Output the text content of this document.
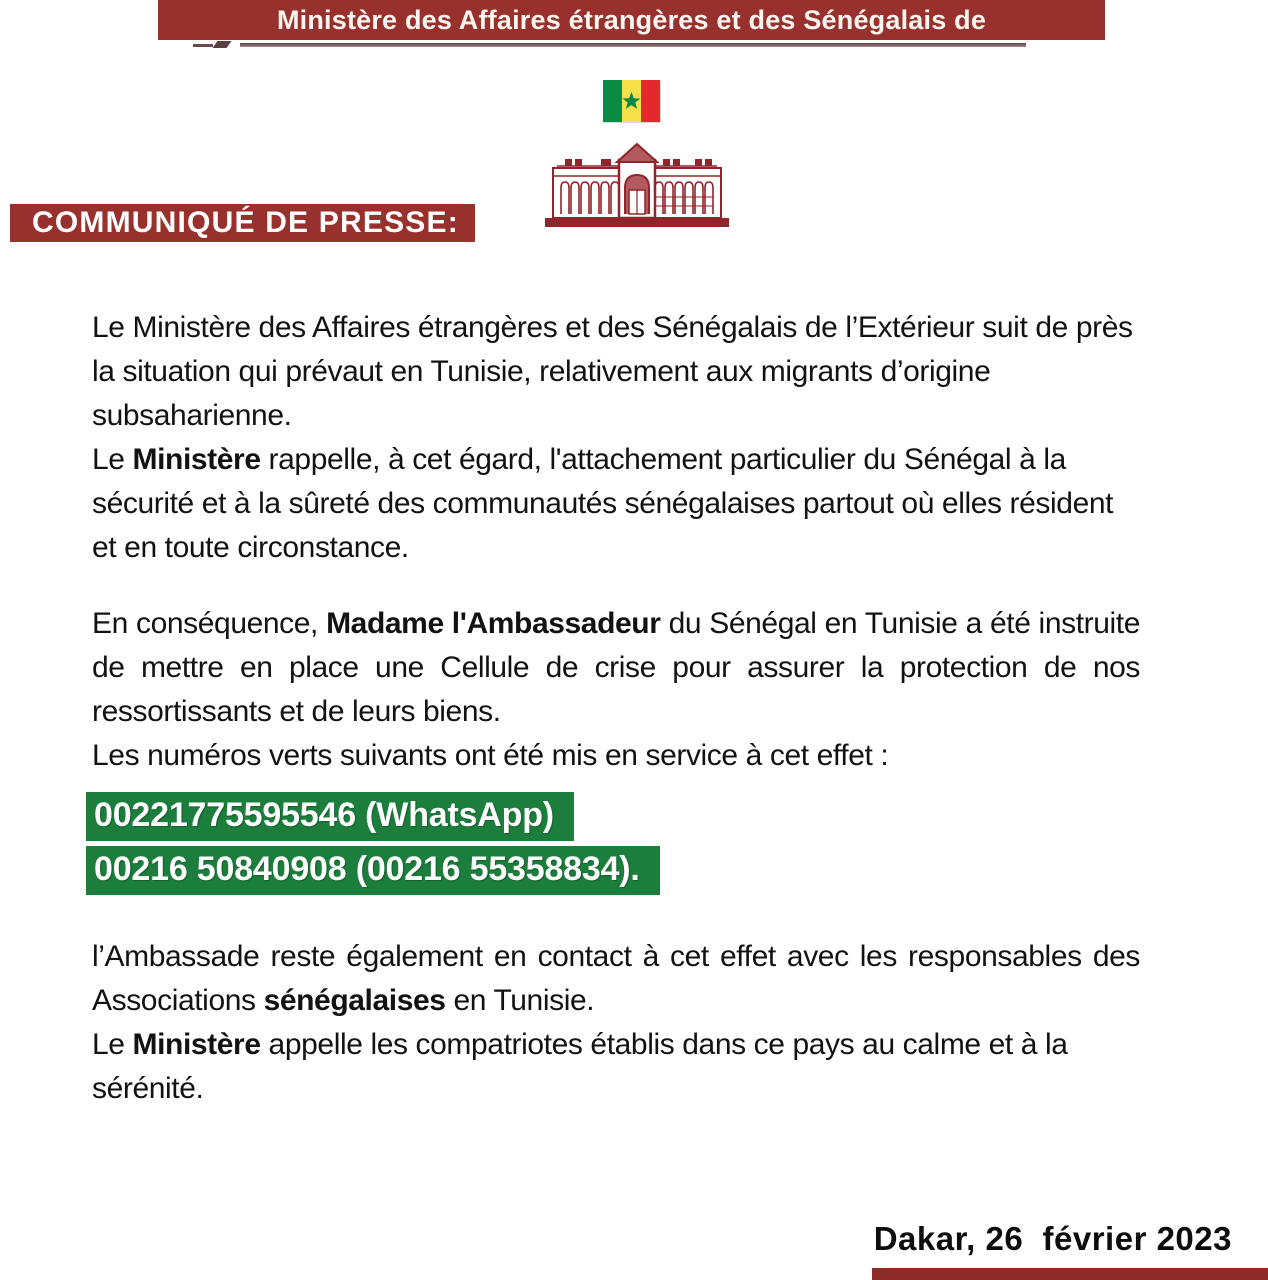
Ministère des Affaires étrangères et des Sénégalais de
COMMUNIQUÉ DE PRESSE:

Le Ministère des Affaires étrangères et des Sénégalais de l’Extérieur suit de près la situation qui prévaut en Tunisie, relativement aux migrants d’origine subsaharienne.

Le Ministère rappelle, à cet égard, l'attachement particulier du Sénégal à la sécurité et à la sûreté des communautés sénégalaises partout où elles résident et en toute circonstance.

En conséquence, Madame l'Ambassadeur du Sénégal en Tunisie a été instruite de mettre en place une Cellule de crise pour assurer la protection de nos ressortissants et de leurs biens.

Les numéros verts suivants ont été mis en service à cet effet :

00221775595546 (WhatsApp)
00216 50840908 (00216 55358834).

l’Ambassade reste également en contact à cet effet avec les responsables des Associations sénégalaises en Tunisie.

Le Ministère appelle les compatriotes établis dans ce pays au calme et à la sérénité.

Dakar, 26  février 2023
